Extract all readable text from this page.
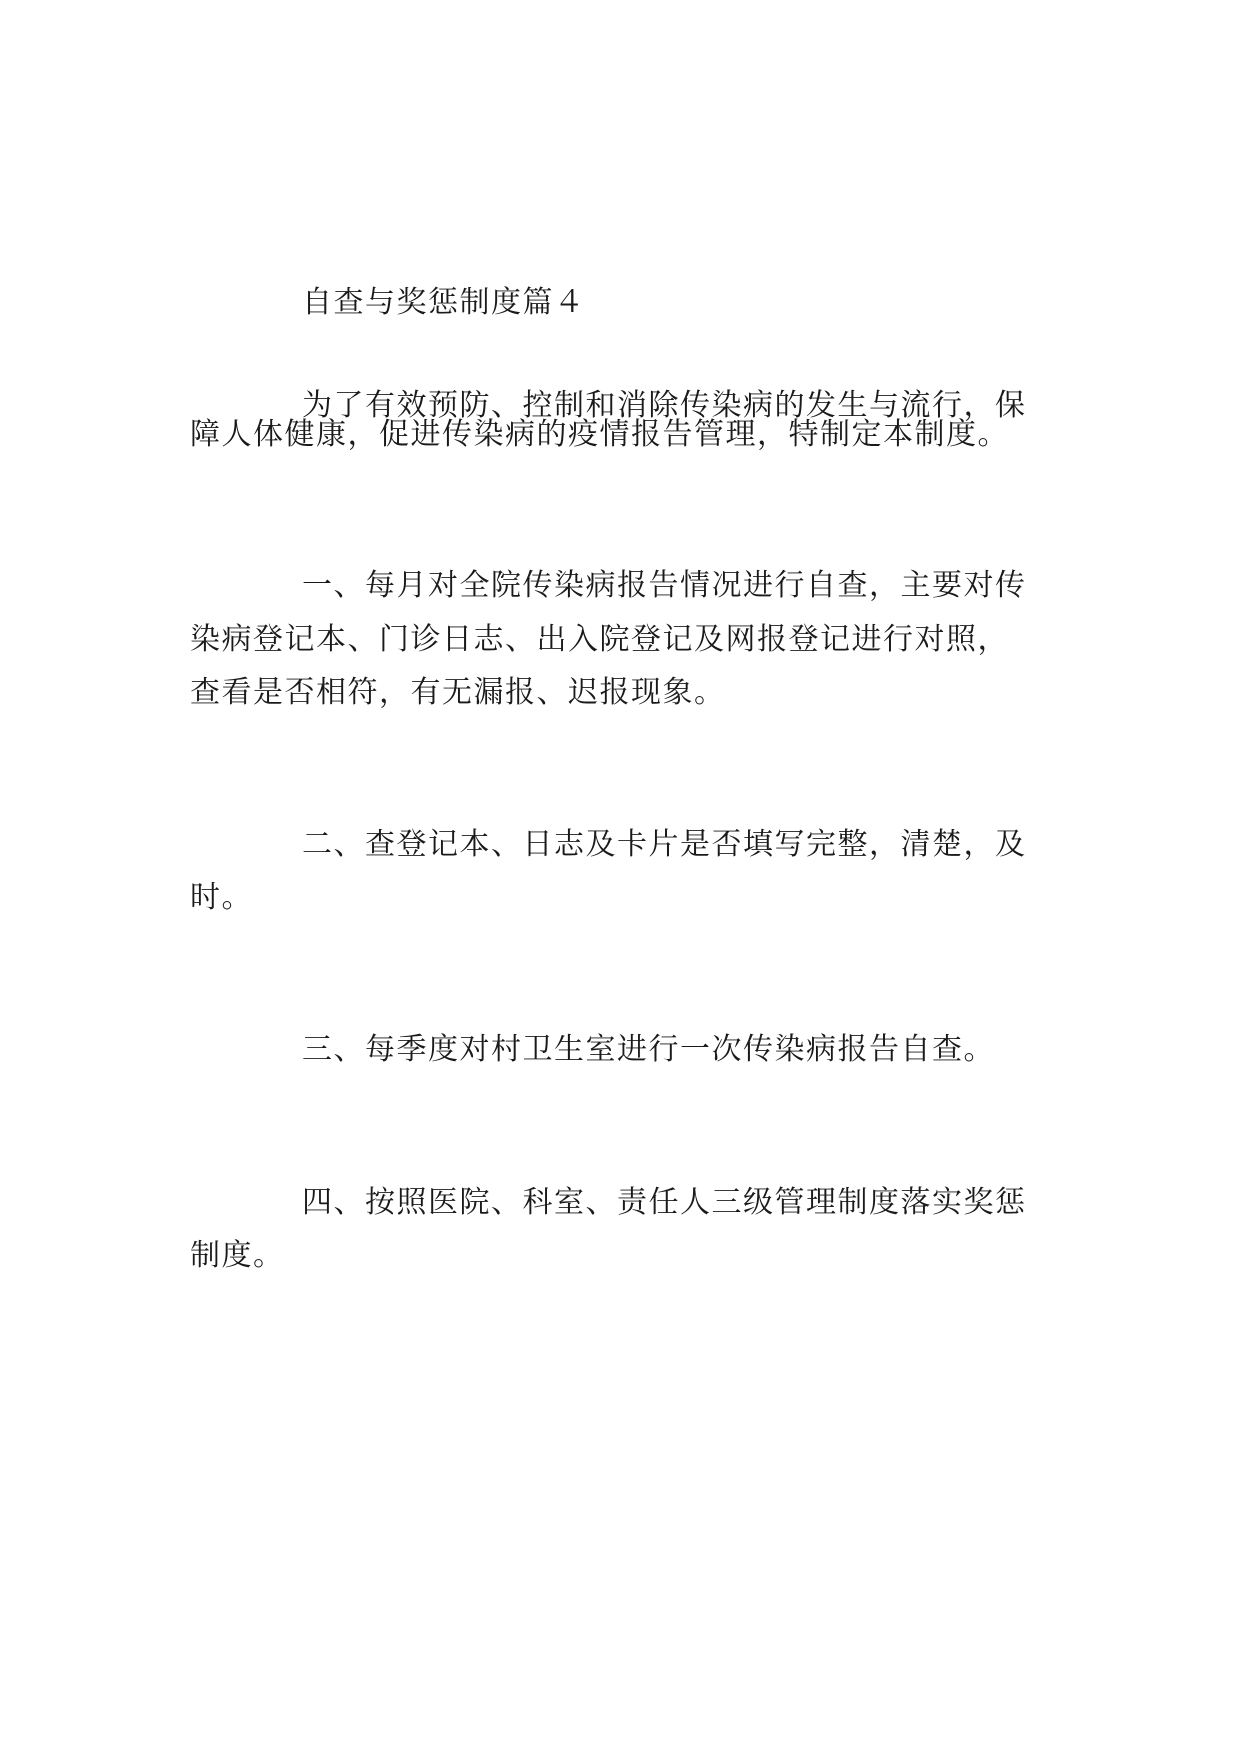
自查与奖惩制度篇４
为了有效预防、控制和消除传染病的发生与流行，保
障人体健康，促进传染病的疫情报告管理，特制定本制度。
一、每月对全院传染病报告情况进行自查，主要对传
染病登记本、门诊日志、出入院登记及网报登记进行对照，
查看是否相符，有无漏报、迟报现象。
二、查登记本、日志及卡片是否填写完整，清楚，及
时。
三、每季度对村卫生室进行一次传染病报告自查。
四、按照医院、科室、责任人三级管理制度落实奖惩
制度。
